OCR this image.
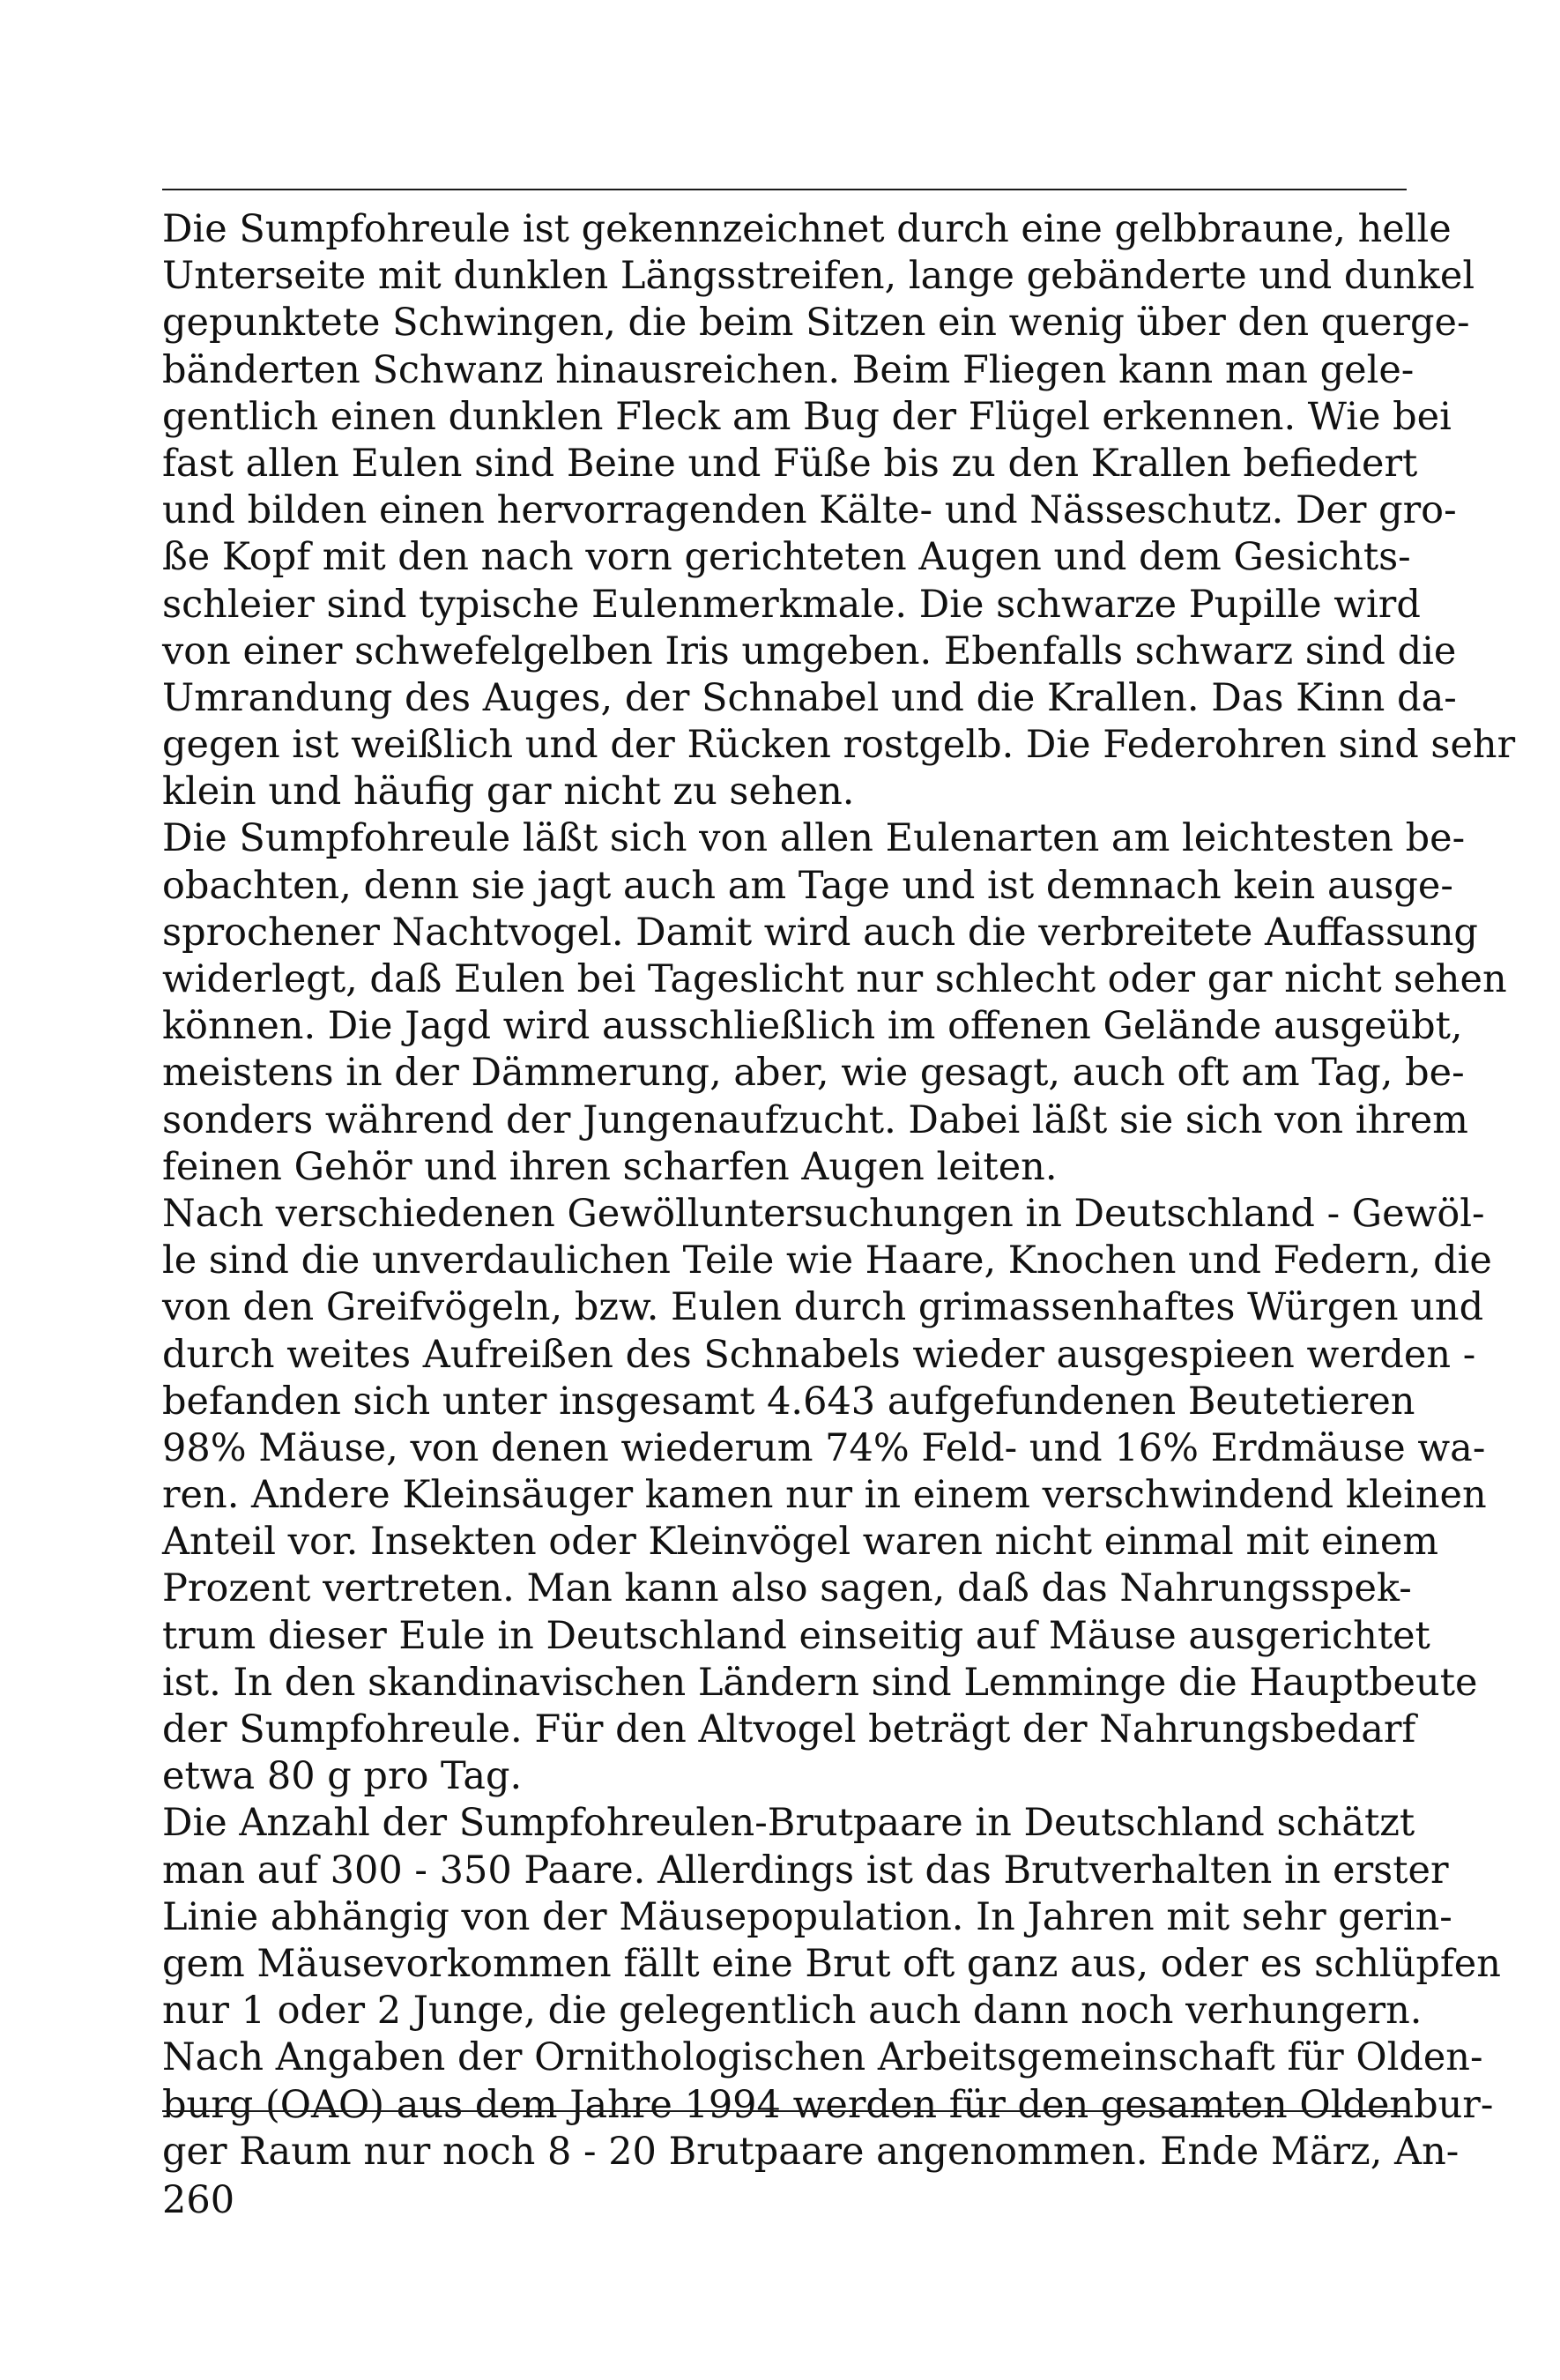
Die Sumpfohreule ist gekennzeichnet durch eine gelbbraune, helle
Unterseite mit dunklen Längsstreifen, lange gebänderte und dunkel
gepunktete Schwingen, die beim Sitzen ein wenig über den querge-
bänderten Schwanz hinausreichen. Beim Fliegen kann man gele-
gentlich einen dunklen Fleck am Bug der Flügel erkennen. Wie bei
fast allen Eulen sind Beine und Füße bis zu den Krallen befiedert
und bilden einen hervorragenden Kälte- und Nässeschutz. Der gro-
ße Kopf mit den nach vorn gerichteten Augen und dem Gesichts-
schleier sind typische Eulenmerkmale. Die schwarze Pupille wird
von einer schwefelgelben Iris umgeben. Ebenfalls schwarz sind die
Umrandung des Auges, der Schnabel und die Krallen. Das Kinn da-
gegen ist weißlich und der Rücken rostgelb. Die Federohren sind sehr
klein und häufig gar nicht zu sehen.
Die Sumpfohreule läßt sich von allen Eulenarten am leichtesten be-
obachten, denn sie jagt auch am Tage und ist demnach kein ausge-
sprochener Nachtvogel. Damit wird auch die verbreitete Auffassung
widerlegt, daß Eulen bei Tageslicht nur schlecht oder gar nicht sehen
können. Die Jagd wird ausschließlich im offenen Gelände ausgeübt,
meistens in der Dämmerung, aber, wie gesagt, auch oft am Tag, be-
sonders während der Jungenaufzucht. Dabei läßt sie sich von ihrem
feinen Gehör und ihren scharfen Augen leiten.
Nach verschiedenen Gewölluntersuchungen in Deutschland - Gewöl-
le sind die unverdaulichen Teile wie Haare, Knochen und Federn, die
von den Greifvögeln, bzw. Eulen durch grimassenhaftes Würgen und
durch weites Aufreißen des Schnabels wieder ausgespieen werden -
befanden sich unter insgesamt 4.643 aufgefundenen Beutetieren
98% Mäuse, von denen wiederum 74% Feld- und 16% Erdmäuse wa-
ren. Andere Kleinsäuger kamen nur in einem verschwindend kleinen
Anteil vor. Insekten oder Kleinvögel waren nicht einmal mit einem
Prozent vertreten. Man kann also sagen, daß das Nahrungsspek-
trum dieser Eule in Deutschland einseitig auf Mäuse ausgerichtet
ist. In den skandinavischen Ländern sind Lemminge die Hauptbeute
der Sumpfohreule. Für den Altvogel beträgt der Nahrungsbedarf
etwa 80 g pro Tag.
Die Anzahl der Sumpfohreulen-Brutpaare in Deutschland schätzt
man auf 300 - 350 Paare. Allerdings ist das Brutverhalten in erster
Linie abhängig von der Mäusepopulation. In Jahren mit sehr gerin-
gem Mäusevorkommen fällt eine Brut oft ganz aus, oder es schlüpfen
nur 1 oder 2 Junge, die gelegentlich auch dann noch verhungern.
Nach Angaben der Ornithologischen Arbeitsgemeinschaft für Olden-
burg (OAO) aus dem Jahre 1994 werden für den gesamten Oldenbur-
ger Raum nur noch 8 - 20 Brutpaare angenommen. Ende März, An-
260
